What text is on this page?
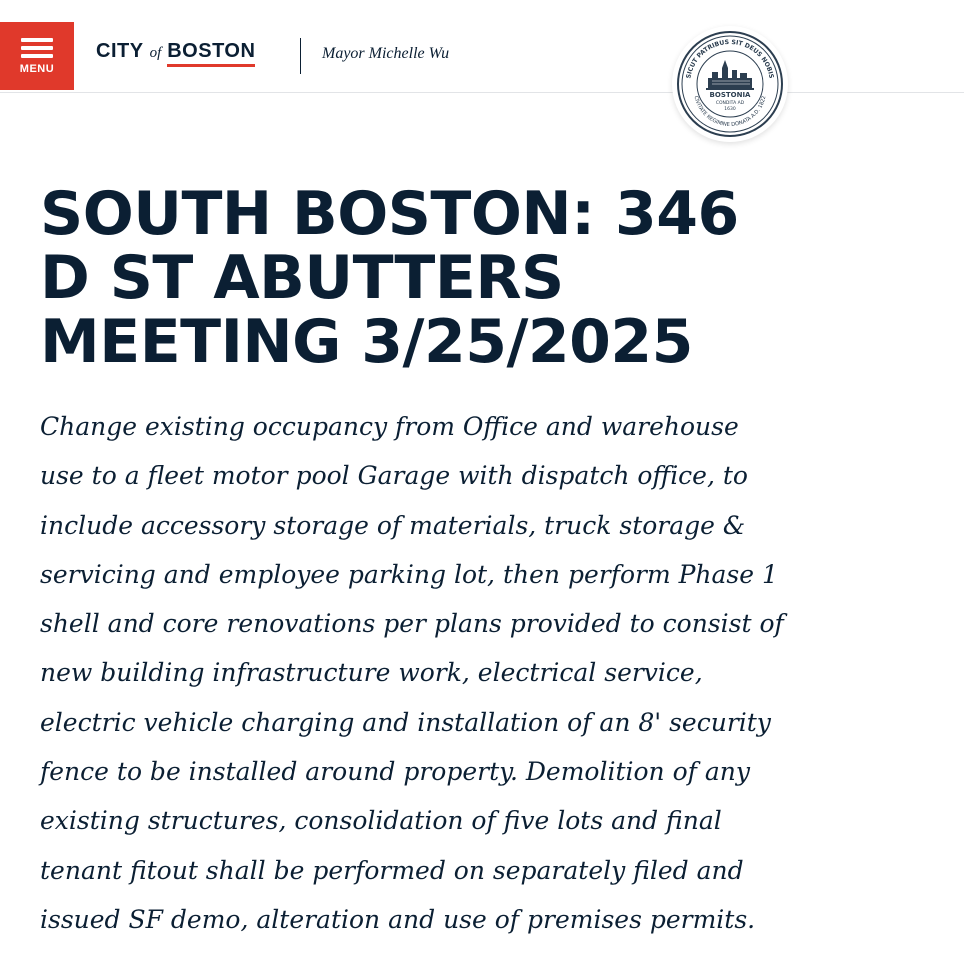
MENU
CITY of BOSTON	Mayor Michelle Wu
SICUT PATRIBUS SIT DEUS NOBIS
CIVITATE REGIMINE DONATA A.D. 1822
BOSTONIA
CONDITA AD
1630
SOUTH BOSTON: 346
D ST ABUTTERS
MEETING 3/25/2025

Change existing occupancy from Office and warehouse
use to a fleet motor pool Garage with dispatch office, to
include accessory storage of materials, truck storage &
servicing and employee parking lot, then perform Phase 1
shell and core renovations per plans provided to consist of
new building infrastructure work, electrical service,
electric vehicle charging and installation of an 8' security
fence to be installed around property. Demolition of any
existing structures, consolidation of five lots and final
tenant fitout shall be performed on separately filed and
issued SF demo, alteration and use of premises permits.
